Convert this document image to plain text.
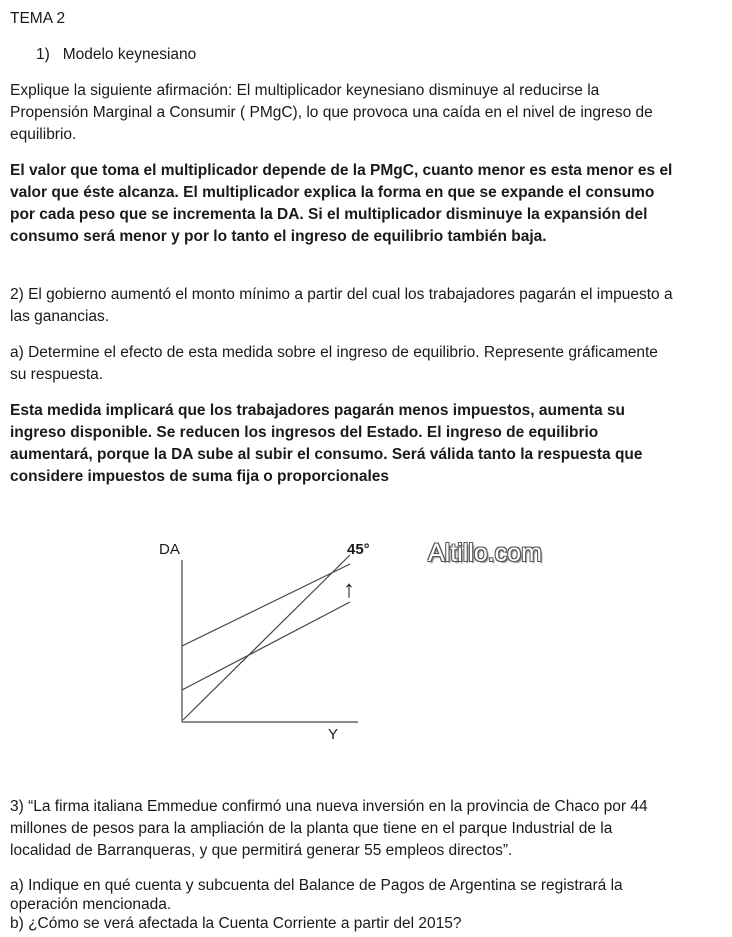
TEMA 2

1)   Modelo keynesiano

Explique la siguiente afirmación: El multiplicador keynesiano disminuye al reducirse la Propensión Marginal a Consumir ( PMgC), lo que provoca una caída en el nivel de ingreso de equilibrio.

El valor que toma el multiplicador depende de la PMgC, cuanto menor es esta menor es el valor que éste alcanza. El multiplicador explica la forma en que se expande el consumo por cada peso que se incrementa la DA. Si el multiplicador disminuye la expansión del consumo será menor y por lo tanto el ingreso de equilibrio también baja.

2) El gobierno aumentó el monto mínimo a partir del cual los trabajadores pagarán el impuesto a las ganancias.

a) Determine el efecto de esta medida sobre el ingreso de equilibrio. Represente gráficamente su respuesta.

Esta medida implicará que los trabajadores pagarán menos impuestos, aumenta su ingreso disponible. Se reducen los ingresos del Estado. El ingreso de equilibrio aumentará, porque la DA sube al subir el consumo. Será válida tanto la respuesta que considere impuestos de suma fija o proporcionales

DA	45°
↑
Y
Altillo.com

3) “La firma italiana Emmedue confirmó una nueva inversión en la provincia de Chaco por 44 millones de pesos para la ampliación de la planta que tiene en el parque Industrial de la localidad de Barranqueras, y que permitirá generar 55 empleos directos”.

a) Indique en qué cuenta y subcuenta del Balance de Pagos de Argentina se registrará la operación mencionada.

b) ¿Cómo se verá afectada la Cuenta Corriente a partir del 2015?
